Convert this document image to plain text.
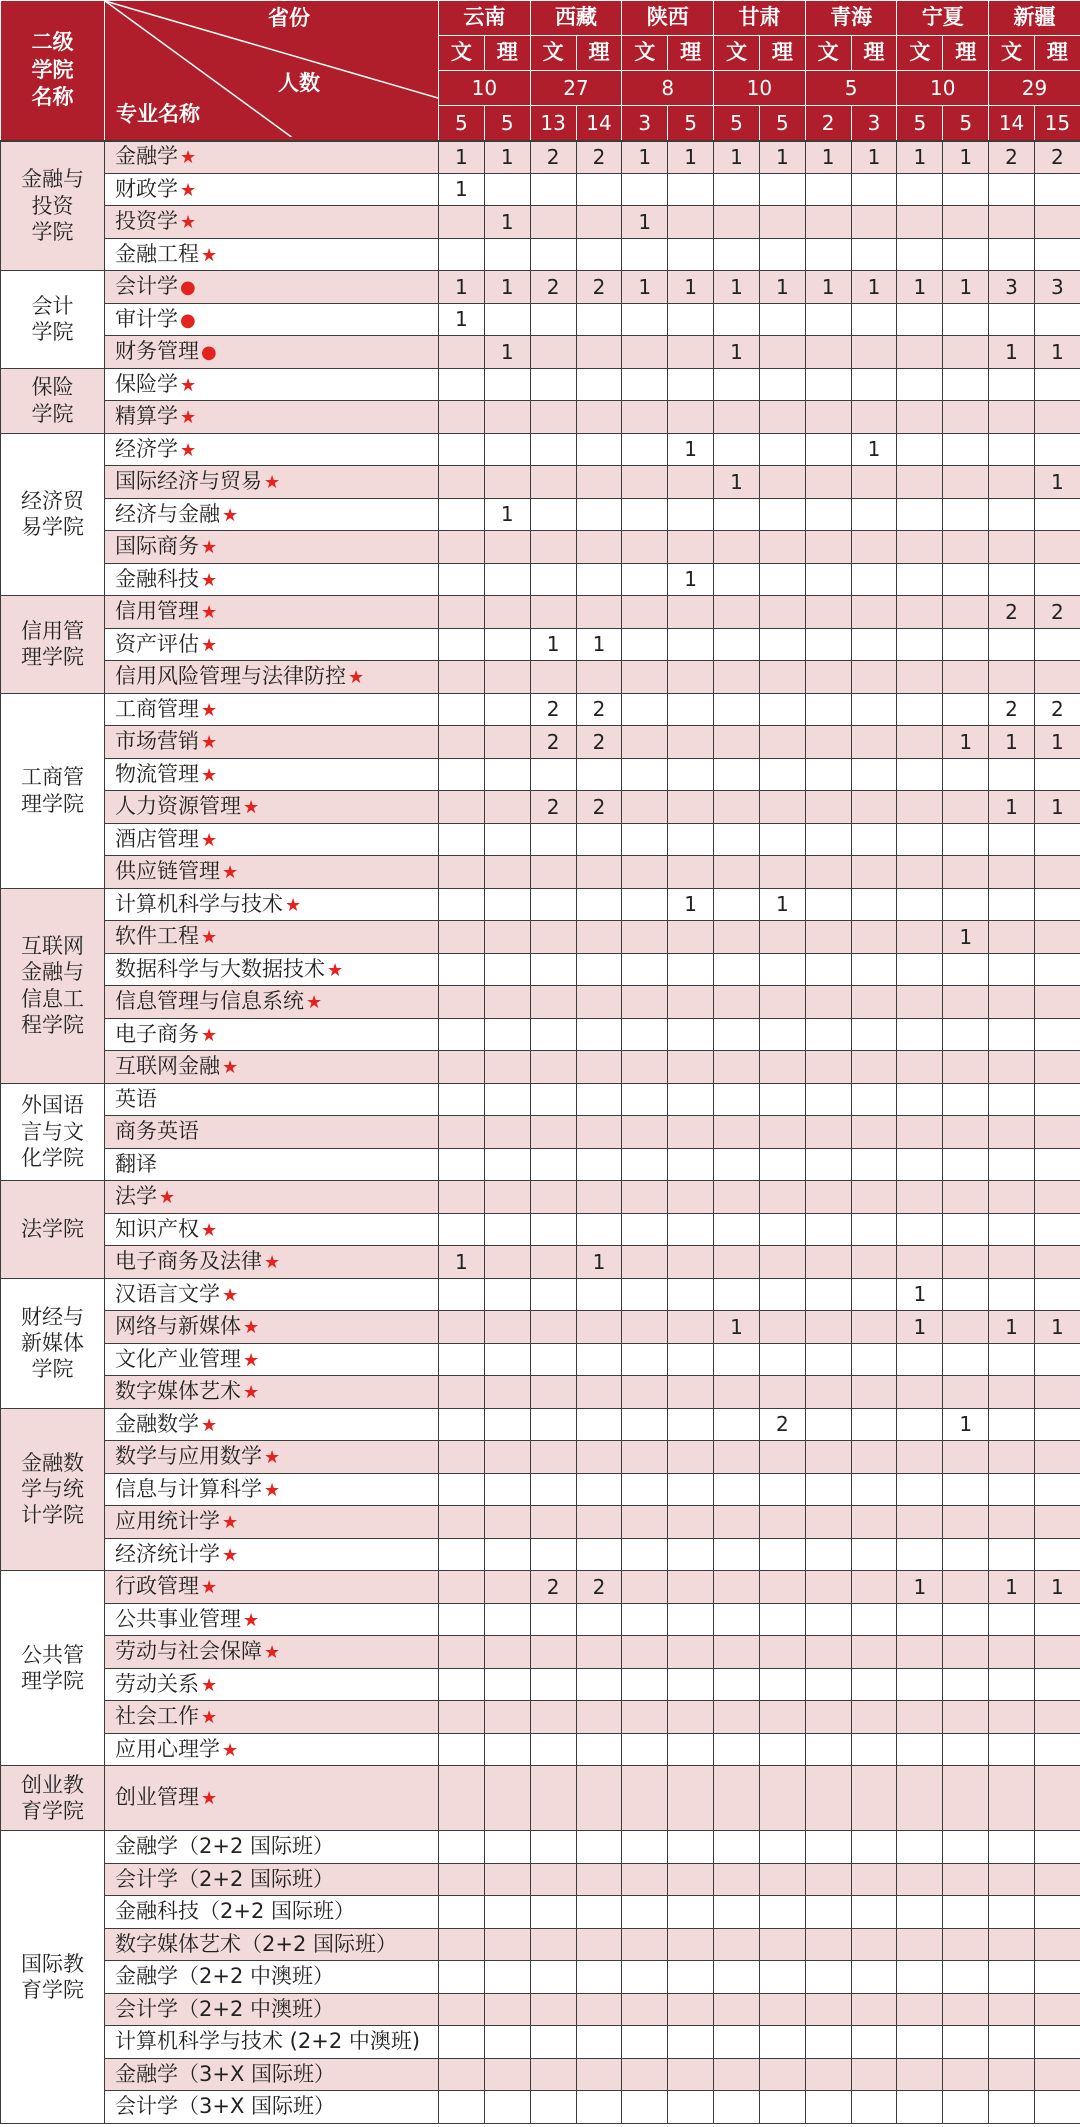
二级
学院
名称	省份
人数
专业名称	云南		西藏		陕西		甘肃		青海		宁夏		新疆	
		文	理	文	理	文	理	文	理	文	理	文	理	文	理
		10		27		8		10		5		10		29	
		5	5	13	14	3	5	5	5	2	3	5	5	14	15
金融与
投资
学院	金融学 ★	1	1	2	2	1	1	1	1	1	1	1	1	2	2
	财政学 ★	1													
	投资学 ★		1			1									
	金融工程 ★														
会计
学院	会计学 ●	1	1	2	2	1	1	1	1	1	1	1	1	3	3
	审计学 ●	1													
	财务管理 ●		1					1						1	1
保险
学院	保险学 ★														
	精算学 ★														
经济贸
易学院	经济学 ★						1				1				
	国际经济与贸易 ★							1							1
	经济与金融 ★		1												
	国际商务 ★														
	金融科技 ★						1								
信用管
理学院	信用管理 ★													2	2
	资产评估 ★			1	1										
	信用风险管理与法律防控 ★														
工商管
理学院	工商管理 ★			2	2									2	2
	市场营销 ★			2	2								1	1	1
	物流管理 ★														
	人力资源管理 ★			2	2									1	1
	酒店管理 ★														
	供应链管理 ★														
互联网
金融与
信息工
程学院	计算机科学与技术 ★						1		1						
	软件工程 ★												1		
	数据科学与大数据技术 ★														
	信息管理与信息系统 ★														
	电子商务 ★														
	互联网金融 ★														
外国语
言与文
化学院	英语														
	商务英语														
	翻译														
法学院	法学 ★														
	知识产权 ★														
	电子商务及法律 ★	1			1										
财经与
新媒体
学院	汉语言文学 ★											1			
	网络与新媒体 ★							1				1		1	1
	文化产业管理 ★														
	数字媒体艺术 ★														
金融数
学与统
计学院	金融数学 ★								2				1		
	数学与应用数学 ★														
	信息与计算科学 ★														
	应用统计学 ★														
	经济统计学 ★														
公共管
理学院	行政管理 ★			2	2							1		1	1
	公共事业管理 ★														
	劳动与社会保障 ★														
	劳动关系 ★														
	社会工作 ★														
	应用心理学 ★														
创业教
育学院	创业管理 ★														
国际教
育学院	金融学（2+2 国际班）														
	会计学（2+2 国际班）														
	金融科技（2+2 国际班）														
	数字媒体艺术（2+2 国际班）														
	金融学（2+2 中澳班）														
	会计学（2+2 中澳班）														
	计算机科学与技术 (2+2 中澳班)														
	金融学（3+X 国际班）														
	会计学（3+X 国际班）														
